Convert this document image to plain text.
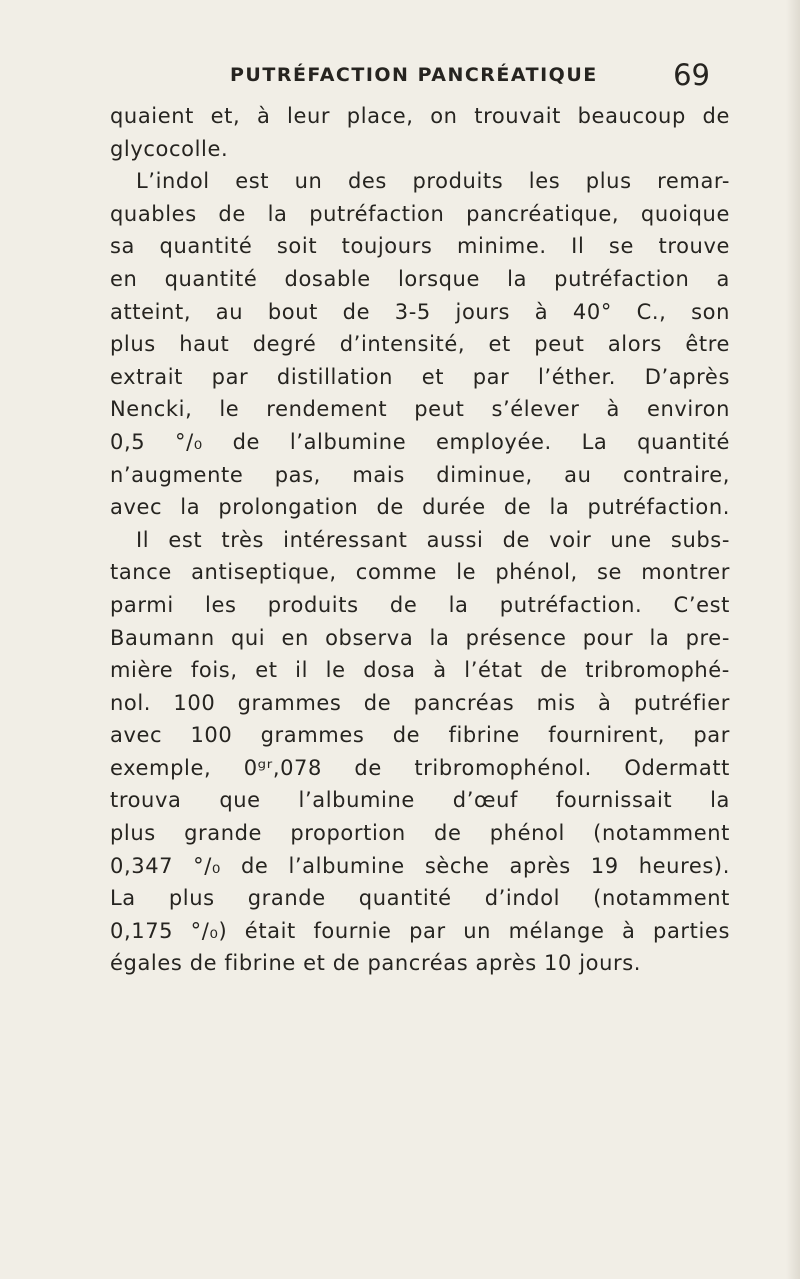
PUTRÉFACTION PANCRÉATIQUE	69
quaient et, à leur place, on trouvait beaucoup de
glycocolle.
L’indol est un des produits les plus remar-
quables de la putréfaction pancréatique, quoique
sa quantité soit toujours minime. Il se trouve
en quantité dosable lorsque la putréfaction a
atteint, au bout de 3-5 jours à 40° C., son
plus haut degré d’intensité, et peut alors être
extrait par distillation et par l’éther. D’après
Nencki, le rendement peut s’élever à environ
0,5 °/₀ de l’albumine employée. La quantité
n’augmente pas, mais diminue, au contraire,
avec la prolongation de durée de la putréfaction.
Il est très intéressant aussi de voir une subs-
tance antiseptique, comme le phénol, se montrer
parmi les produits de la putréfaction. C’est
Baumann qui en observa la présence pour la pre-
mière fois, et il le dosa à l’état de tribromophé-
nol. 100 grammes de pancréas mis à putréfier
avec 100 grammes de fibrine fournirent, par
exemple, 0ᵍʳ,078 de tribromophénol. Odermatt
trouva que l’albumine d’œuf fournissait la
plus grande proportion de phénol (notamment
0,347 °/₀ de l’albumine sèche après 19 heures).
La plus grande quantité d’indol (notamment
0,175 °/₀) était fournie par un mélange à parties
égales de fibrine et de pancréas après 10 jours.
